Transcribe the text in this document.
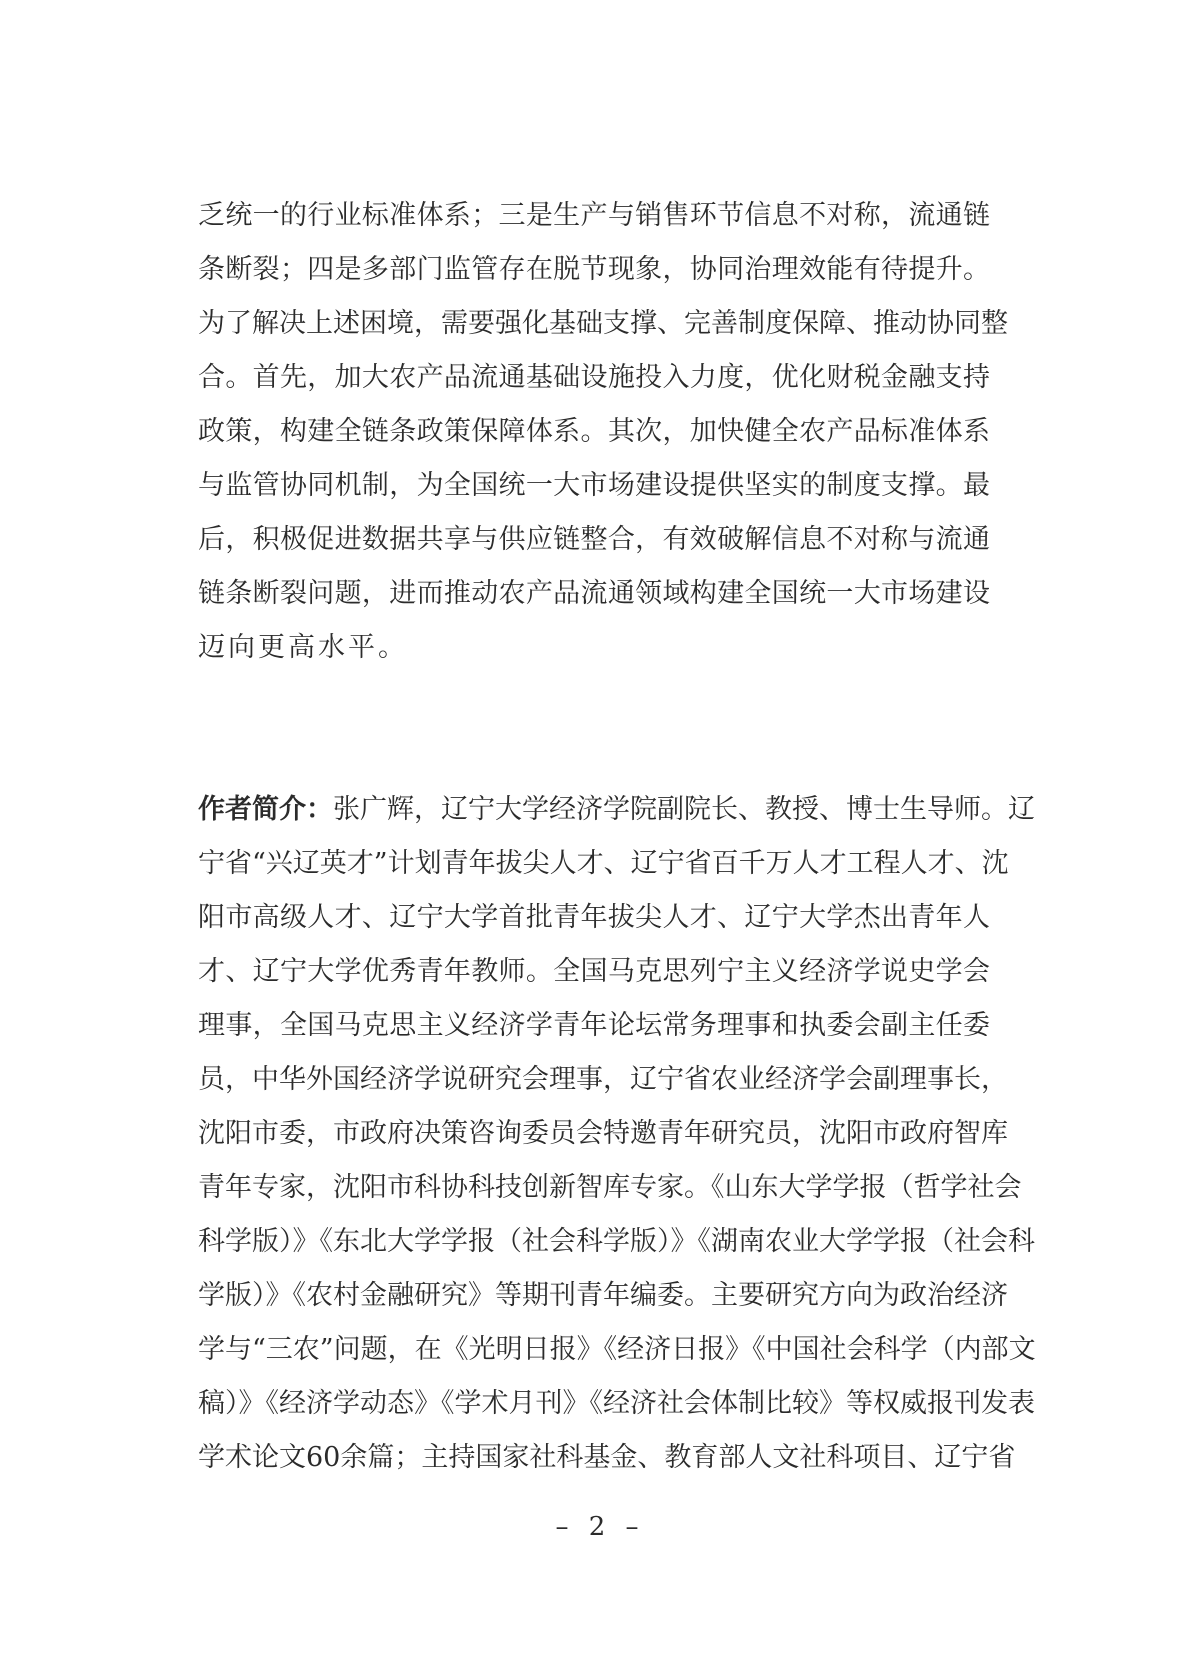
乏统一的行业标准体系；三是生产与销售环节信息不对称，流通链
条断裂；四是多部门监管存在脱节现象，协同治理效能有待提升。
为了解决上述困境，需要强化基础支撑、完善制度保障、推动协同整
合。首先，加大农产品流通基础设施投入力度，优化财税金融支持
政策，构建全链条政策保障体系。其次，加快健全农产品标准体系
与监管协同机制，为全国统一大市场建设提供坚实的制度支撑。最
后，积极促进数据共享与供应链整合，有效破解信息不对称与流通
链条断裂问题，进而推动农产品流通领域构建全国统一大市场建设
迈向更高水平。
作者简介：张广辉，辽宁大学经济学院副院长、教授、博士生导师。辽
宁省“兴辽英才”计划青年拔尖人才、辽宁省百千万人才工程人才、沈
阳市高级人才、辽宁大学首批青年拔尖人才、辽宁大学杰出青年人
才、辽宁大学优秀青年教师。全国马克思列宁主义经济学说史学会
理事，全国马克思主义经济学青年论坛常务理事和执委会副主任委
员，中华外国经济学说研究会理事，辽宁省农业经济学会副理事长，
沈阳市委，市政府决策咨询委员会特邀青年研究员，沈阳市政府智库
青年专家，沈阳市科协科技创新智库专家。《山东大学学报（哲学社会
科学版）》《东北大学学报（社会科学版）》《湖南农业大学学报（社会科
学版）》《农村金融研究》等期刊青年编委。主要研究方向为政治经济
学与“三农”问题，在《光明日报》《经济日报》《中国社会科学（内部文
稿）》《经济学动态》《学术月刊》《经济社会体制比较》等权威报刊发表
学术论文60余篇；主持国家社科基金、教育部人文社科项目、辽宁省
– 2 –
